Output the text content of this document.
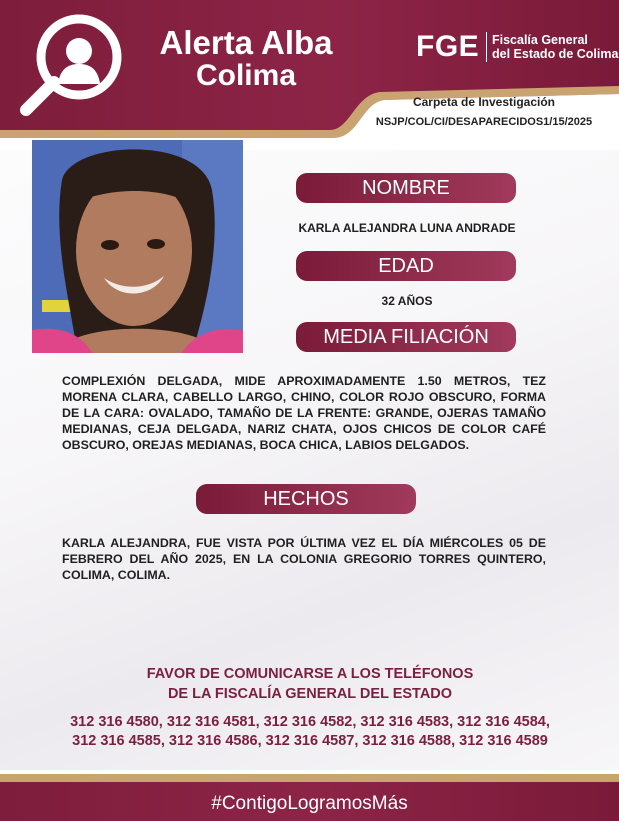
Alerta Alba
Colima
FGE Fiscalía General
del Estado de Colima
Carpeta de Investigación
NSJP/COL/CI/DESAPARECIDOS1/15/2025
NOMBRE
KARLA ALEJANDRA LUNA ANDRADE
EDAD
32 AÑOS
MEDIA FILIACIÓN
COMPLEXIÓN DELGADA, MIDE APROXIMADAMENTE 1.50 METROS, TEZ MORENA CLARA, CABELLO LARGO, CHINO, COLOR ROJO OBSCURO, FORMA DE LA CARA: OVALADO, TAMAÑO DE LA FRENTE: GRANDE, OJERAS TAMAÑO MEDIANAS, CEJA DELGADA, NARIZ CHATA, OJOS CHICOS DE COLOR CAFÉ OBSCURO, OREJAS MEDIANAS, BOCA CHICA, LABIOS DELGADOS.
HECHOS
KARLA ALEJANDRA, FUE VISTA POR ÚLTIMA VEZ EL DÍA MIÉRCOLES 05 DE FEBRERO DEL AÑO 2025, EN LA COLONIA GREGORIO TORRES QUINTERO, COLIMA, COLIMA.
FAVOR DE COMUNICARSE A LOS TELÉFONOS
DE LA FISCALÍA GENERAL DEL ESTADO
312 316 4580, 312 316 4581, 312 316 4582, 312 316 4583, 312 316 4584, 312 316 4585, 312 316 4586, 312 316 4587, 312 316 4588, 312 316 4589
#ContigoLogramosMás
